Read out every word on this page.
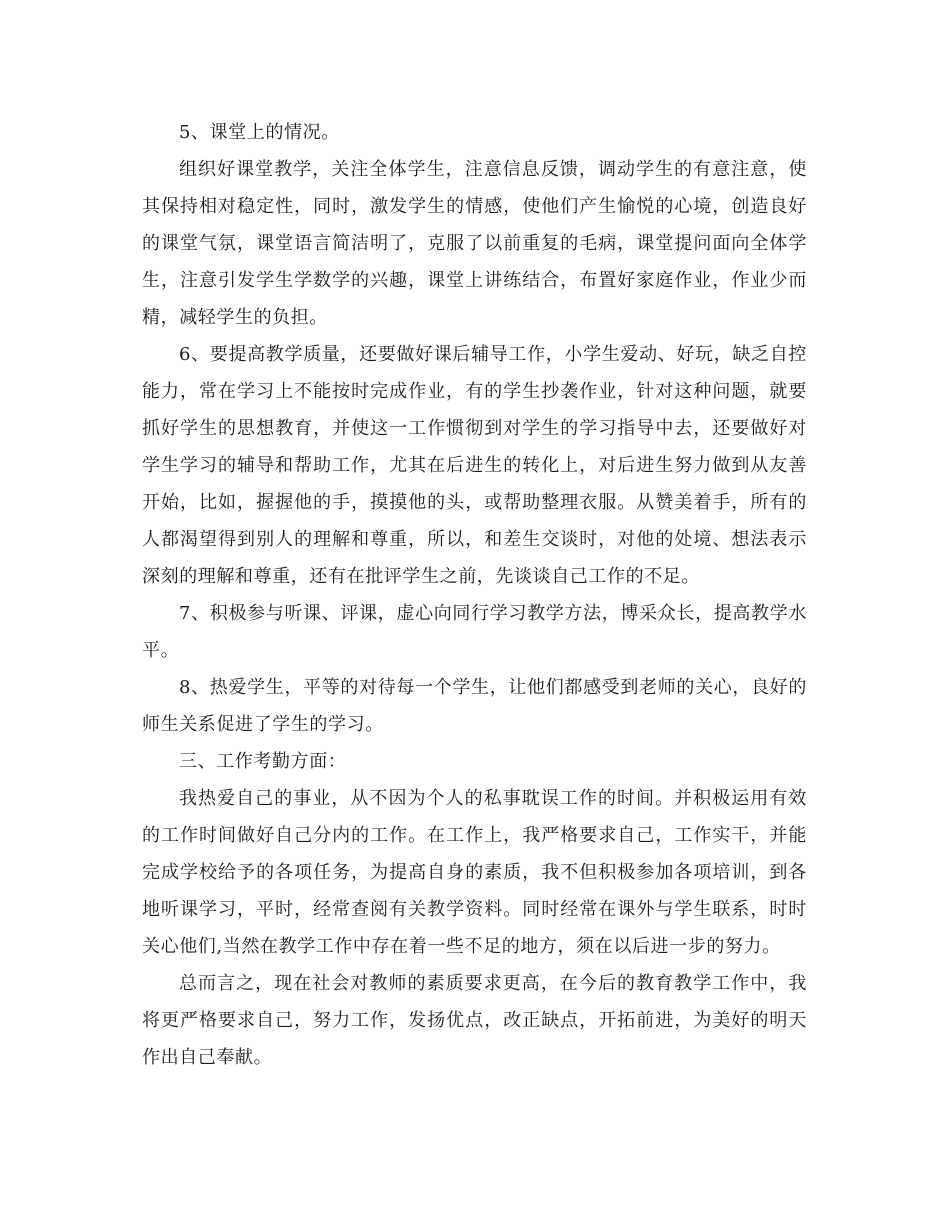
5、课堂上的情况。

组织好课堂教学，关注全体学生，注意信息反馈，调动学生的有意注意，使其保持相对稳定性，同时，激发学生的情感，使他们产生愉悦的心境，创造良好的课堂气氛，课堂语言简洁明了，克服了以前重复的毛病，课堂提问面向全体学生，注意引发学生学数学的兴趣，课堂上讲练结合，布置好家庭作业，作业少而精，减轻学生的负担。

6、要提高教学质量，还要做好课后辅导工作，小学生爱动、好玩，缺乏自控能力，常在学习上不能按时完成作业，有的学生抄袭作业，针对这种问题，就要抓好学生的思想教育，并使这一工作惯彻到对学生的学习指导中去，还要做好对学生学习的辅导和帮助工作，尤其在后进生的转化上，对后进生努力做到从友善开始，比如，握握他的手，摸摸他的头，或帮助整理衣服。从赞美着手，所有的人都渴望得到别人的理解和尊重，所以，和差生交谈时，对他的处境、想法表示深刻的理解和尊重，还有在批评学生之前，先谈谈自己工作的不足。

7、积极参与听课、评课，虚心向同行学习教学方法，博采众长，提高教学水平。

8、热爱学生，平等的对待每一个学生，让他们都感受到老师的关心，良好的师生关系促进了学生的学习。

三、工作考勤方面：

我热爱自己的事业，从不因为个人的私事耽误工作的时间。并积极运用有效的工作时间做好自己分内的工作。在工作上，我严格要求自己，工作实干，并能完成学校给予的各项任务，为提高自身的素质，我不但积极参加各项培训，到各地听课学习，平时，经常查阅有关教学资料。同时经常在课外与学生联系，时时关心他们,当然在教学工作中存在着一些不足的地方，须在以后进一步的努力。

总而言之，现在社会对教师的素质要求更高，在今后的教育教学工作中，我将更严格要求自己，努力工作，发扬优点，改正缺点，开拓前进，为美好的明天作出自己奉献。
